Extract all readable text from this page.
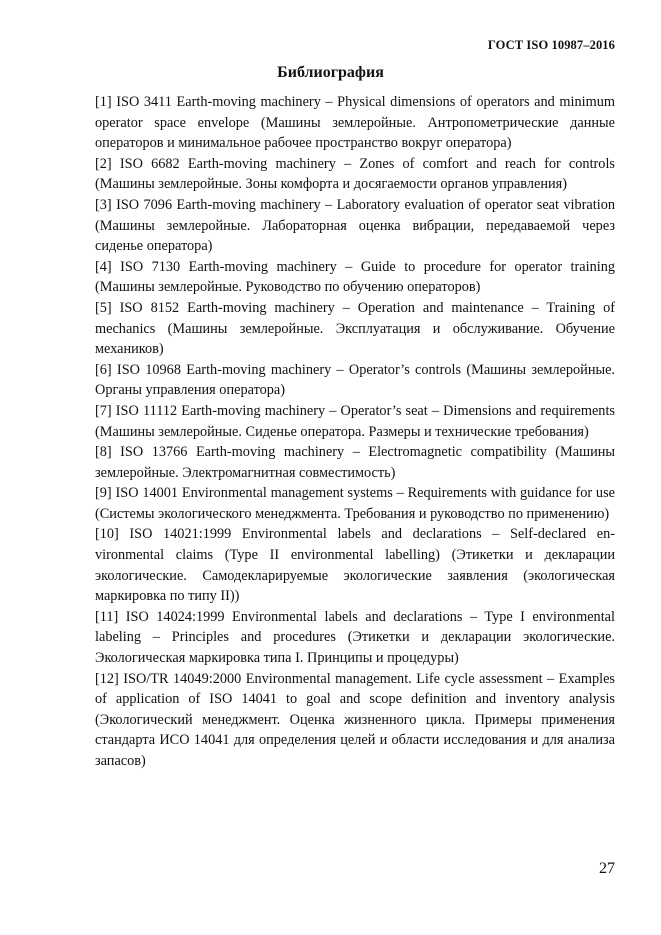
ГОСТ ISO 10987–2016
Библиография

[1] ISO 3411 Earth-moving machinery – Physical dimensions of operators and minimum operator space envelope (Машины землеройные. Антропометрические данные операторов и минимальное рабочее пространство вокруг оператора)

[2] ISO 6682 Earth-moving machinery – Zones of comfort and reach for controls (Машины землеройные. Зоны комфорта и досягаемости органов управления)

[3] ISO 7096 Earth-moving machinery – Laboratory evaluation of operator seat vibration (Машины землеройные. Лабораторная оценка вибрации, передаваемой через сиденье оператора)

[4] ISO 7130 Earth-moving machinery – Guide to procedure for operator training (Машины землеройные. Руководство по обучению операторов)

[5] ISO 8152 Earth-moving machinery – Operation and maintenance – Training of mechanics (Машины землеройные. Эксплуатация и обслуживание. Обучение механиков)

[6] ISO 10968 Earth-moving machinery – Operator’s controls (Машины землеройные. Органы управления оператора)

[7] ISO 11112 Earth-moving machinery – Operator’s seat – Dimensions and requirements (Машины землеройные. Сиденье оператора. Размеры и технические требования)

[8] ISO 13766 Earth-moving machinery – Electromagnetic compatibility (Машины землеройные. Электромагнитная совместимость)

[9] ISO 14001 Environmental management systems – Requirements with guidance for use (Системы экологического менеджмента. Требования и руководство по применению)

[10] ISO 14021:1999 Environmental labels and declarations – Self-declared environmental claims (Type II environmental labelling) (Этикетки и декларации экологические. Самодекларируемые экологические заявления (экологическая маркировка по типу II))

[11] ISO 14024:1999 Environmental labels and declarations – Type I environmental labeling – Principles and procedures (Этикетки и декларации экологические. Экологическая маркировка типа I. Принципы и процедуры)

[12] ISO/TR 14049:2000 Environmental management. Life cycle assessment – Examples of application of ISO 14041 to goal and scope definition and inventory analysis (Экологический менеджмент. Оценка жизненного цикла. Примеры применения стандарта ИСО 14041 для определения целей и области исследования и для анализа запасов)

27
